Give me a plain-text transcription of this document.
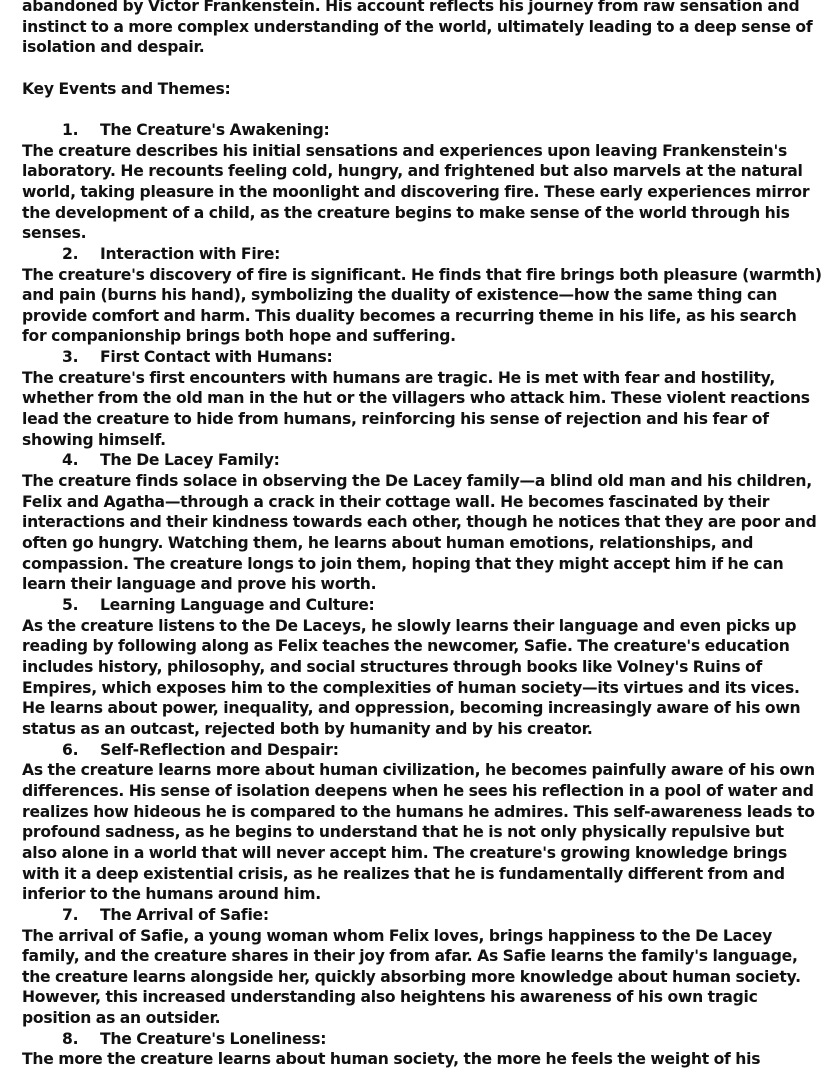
abandoned by Victor Frankenstein. His account reflects his journey from raw sensation and instinct to a more complex understanding of the world, ultimately leading to a deep sense of isolation and despair.

Key Events and Themes:

1. The Creature's Awakening:

The creature describes his initial sensations and experiences upon leaving Frankenstein's laboratory. He recounts feeling cold, hungry, and frightened but also marvels at the natural world, taking pleasure in the moonlight and discovering fire. These early experiences mirror the development of a child, as the creature begins to make sense of the world through his senses.

2. Interaction with Fire:

The creature's discovery of fire is significant. He finds that fire brings both pleasure (warmth) and pain (burns his hand), symbolizing the duality of existence—how the same thing can provide comfort and harm. This duality becomes a recurring theme in his life, as his search for companionship brings both hope and suffering.

3. First Contact with Humans:

The creature's first encounters with humans are tragic. He is met with fear and hostility, whether from the old man in the hut or the villagers who attack him. These violent reactions lead the creature to hide from humans, reinforcing his sense of rejection and his fear of showing himself.

4. The De Lacey Family:

The creature finds solace in observing the De Lacey family—a blind old man and his children, Felix and Agatha—through a crack in their cottage wall. He becomes fascinated by their interactions and their kindness towards each other, though he notices that they are poor and often go hungry. Watching them, he learns about human emotions, relationships, and compassion. The creature longs to join them, hoping that they might accept him if he can learn their language and prove his worth.

5. Learning Language and Culture:

As the creature listens to the De Laceys, he slowly learns their language and even picks up reading by following along as Felix teaches the newcomer, Safie. The creature's education includes history, philosophy, and social structures through books like Volney's Ruins of Empires, which exposes him to the complexities of human society—its virtues and its vices. He learns about power, inequality, and oppression, becoming increasingly aware of his own status as an outcast, rejected both by humanity and by his creator.

6. Self-Reflection and Despair:

As the creature learns more about human civilization, he becomes painfully aware of his own differences. His sense of isolation deepens when he sees his reflection in a pool of water and realizes how hideous he is compared to the humans he admires. This self-awareness leads to profound sadness, as he begins to understand that he is not only physically repulsive but also alone in a world that will never accept him. The creature's growing knowledge brings with it a deep existential crisis, as he realizes that he is fundamentally different from and inferior to the humans around him.

7. The Arrival of Safie:

The arrival of Safie, a young woman whom Felix loves, brings happiness to the De Lacey family, and the creature shares in their joy from afar. As Safie learns the family's language, the creature learns alongside her, quickly absorbing more knowledge about human society. However, this increased understanding also heightens his awareness of his own tragic position as an outsider.

8. The Creature's Loneliness:

The more the creature learns about human society, the more he feels the weight of his
